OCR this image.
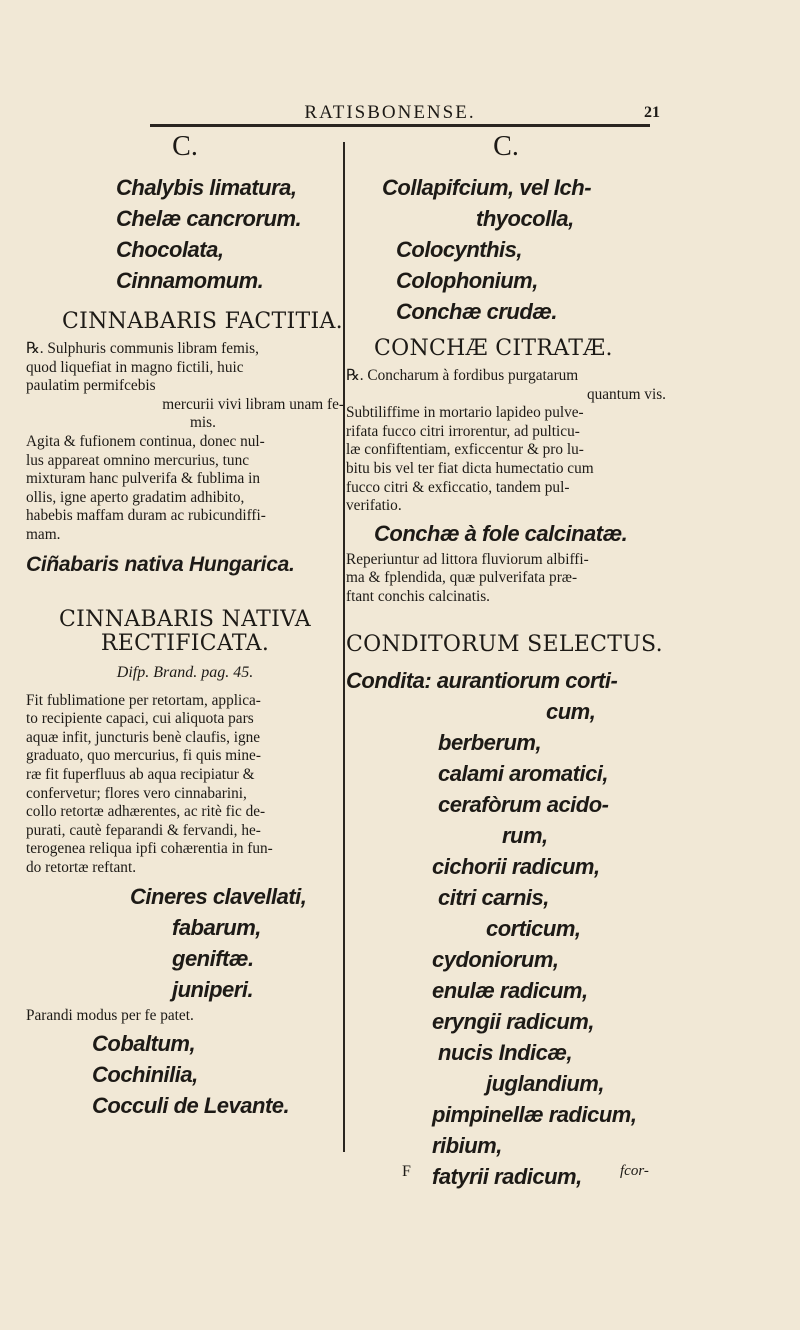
RATISBONENSE.	21
C.

Chalybis limatura,

Chelæ cancrorum.

Chocolata,

Cinnamomum.

CINNABARIS FACTITIA.

℞. Sulphuris communis libram femis,

quod liquefiat in magno fictili, huic

paulatim permifcebis

mercurii vivi libram unam fe-

mis.

Agita & fufionem continua, donec nul-

lus appareat omnino mercurius, tunc

mixturam hanc pulverifa & fublima in

ollis, igne aperto gradatim adhibito,

habebis maffam duram ac rubicundiffi-

mam.

Ciñabaris nativa Hungarica.

CINNABARIS NATIVA

RECTIFICATA.

Difp. Brand. pag. 45.

Fit fublimatione per retortam, applica-

to recipiente capaci, cui aliquota pars

aquæ infit, juncturis benè claufis, igne

graduato, quo mercurius, fi quis mine-

ræ fit fuperfluus ab aqua recipiatur &

confervetur; flores vero cinnabarini,

collo retortæ adhærentes, ac ritè fic de-

purati, cautè feparandi & fervandi, he-

terogenea reliqua ipfi cohærentia in fun-

do retortæ reftant.

Cineres clavellati,

fabarum,

geniftæ.

juniperi.

Parandi modus per fe patet.

Cobaltum,

Cochinilia,

Cocculi de Levante.

C.

Collapifcium, vel Ich-

thyocolla,

Colocynthis,

Colophonium,

Conchæ crudæ.

CONCHÆ CITRATÆ.

℞. Concharum à fordibus purgatarum

quantum vis.

Subtiliffime in mortario lapideo pulve-

rifata fucco citri irrorentur, ad pulticu-

læ confiftentiam, exficcentur & pro lu-

bitu bis vel ter fiat dicta humectatio cum

fucco citri & exficcatio, tandem pul-

verifatio.

Conchæ à fole calcinatæ.

Reperiuntur ad littora fluviorum albiffi-

ma & fplendida, quæ pulverifata præ-

ftant conchis calcinatis.

CONDITORUM SELECTUS.

Condita: aurantiorum corti-

cum,

berberum,

calami aromatici,

cerafòrum acido-

rum,

cichorii radicum,

citri carnis,

corticum,

cydoniorum,

enulæ radicum,

eryngii radicum,

nucis Indicæ,

juglandium,

pimpinellæ radicum,

ribium,

fatyrii radicum,

F	fcor-
